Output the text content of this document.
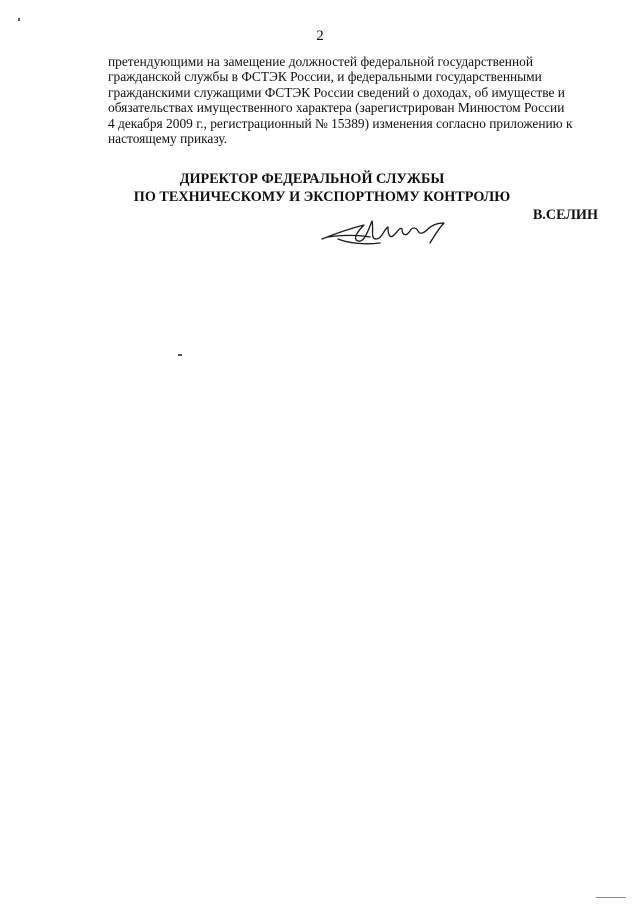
2

претендующими на замещение должностей федеральной государственной

гражданской службы в ФСТЭК России, и федеральными государственными

гражданскими служащими ФСТЭК России сведений о доходах, об имуществе и

обязательствах имущественного характера (зарегистрирован Минюстом России

4 декабря 2009 г., регистрационный № 15389) изменения согласно приложению к

настоящему приказу.

ДИРЕКТОР ФЕДЕРАЛЬНОЙ СЛУЖБЫ
ПО ТЕХНИЧЕСКОМУ И ЭКСПОРТНОМУ КОНТРОЛЮ
В.СЕЛИН
